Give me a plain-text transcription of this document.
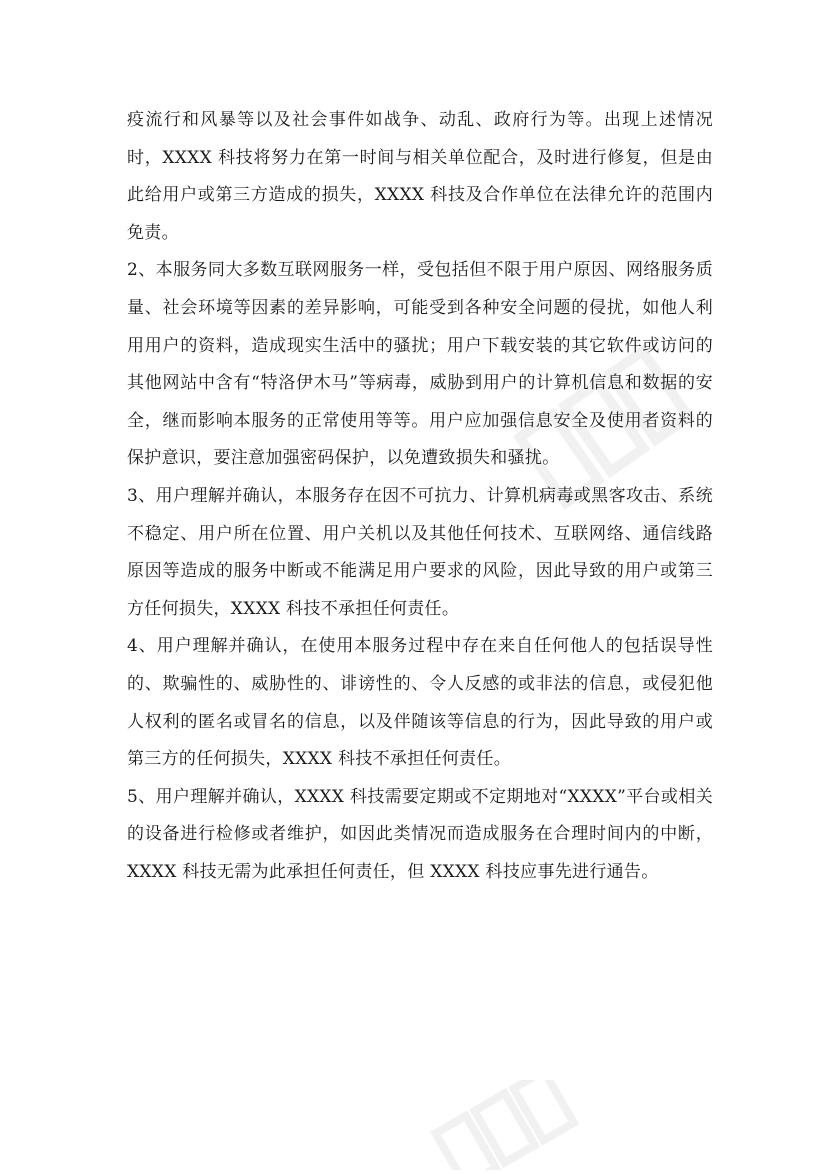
疫流行和风暴等以及社会事件如战争、动乱、政府行为等。出现上述情况时，XXXX 科技将努力在第一时间与相关单位配合，及时进行修复，但是由此给用户或第三方造成的损失，XXXX 科技及合作单位在法律允许的范围内免责。

2、本服务同大多数互联网服务一样，受包括但不限于用户原因、网络服务质量、社会环境等因素的差异影响，可能受到各种安全问题的侵扰，如他人利用用户的资料，造成现实生活中的骚扰；用户下载安装的其它软件或访问的其他网站中含有“特洛伊木马”等病毒，威胁到用户的计算机信息和数据的安全，继而影响本服务的正常使用等等。用户应加强信息安全及使用者资料的保护意识，要注意加强密码保护，以免遭致损失和骚扰。

3、用户理解并确认，本服务存在因不可抗力、计算机病毒或黑客攻击、系统不稳定、用户所在位置、用户关机以及其他任何技术、互联网络、通信线路原因等造成的服务中断或不能满足用户要求的风险，因此导致的用户或第三方任何损失，XXXX 科技不承担任何责任。

4、用户理解并确认，在使用本服务过程中存在来自任何他人的包括误导性的、欺骗性的、威胁性的、诽谤性的、令人反感的或非法的信息，或侵犯他人权利的匿名或冒名的信息，以及伴随该等信息的行为，因此导致的用户或第三方的任何损失，XXXX 科技不承担任何责任。

5、用户理解并确认，XXXX 科技需要定期或不定期地对“XXXX”平台或相关的设备进行检修或者维护，如因此类情况而造成服务在合理时间内的中断，XXXX 科技无需为此承担任何责任，但 XXXX 科技应事先进行通告。
